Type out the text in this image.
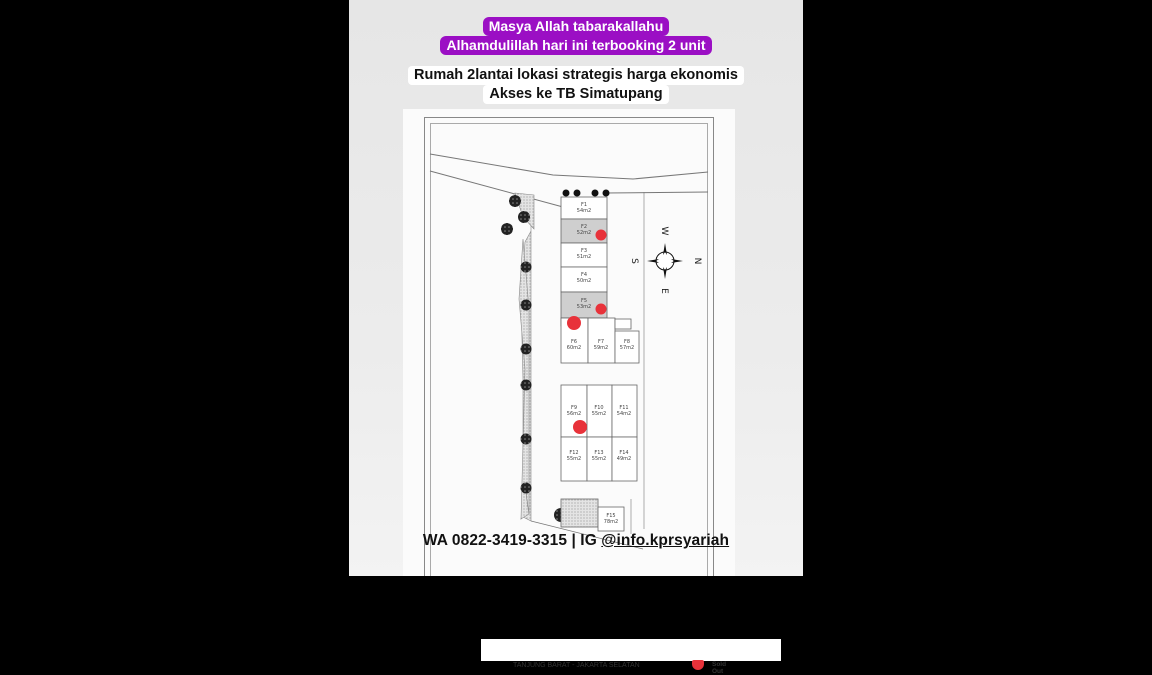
Masya Allah tabarakallahu
Alhamdulillah hari ini terbooking 2 unit
Rumah 2lantai lokasi strategis harga ekonomis
Akses ke TB Simatupang
F1
54m2
F2
52m2
F3
51m2
F4
50m2
F5
53m2
F6
60m2
F7
59m2
F8
57m2
F9
56m2
F10
55m2
F11
54m2
F12
55m2
F13
55m2
F14
49m2
F15
78m2
W
N
E
S
TANJUNG BARAT - JAKARTA SELATAN	Sold Out
WA 0822-3419-3315 | IG @info.kprsyariah
